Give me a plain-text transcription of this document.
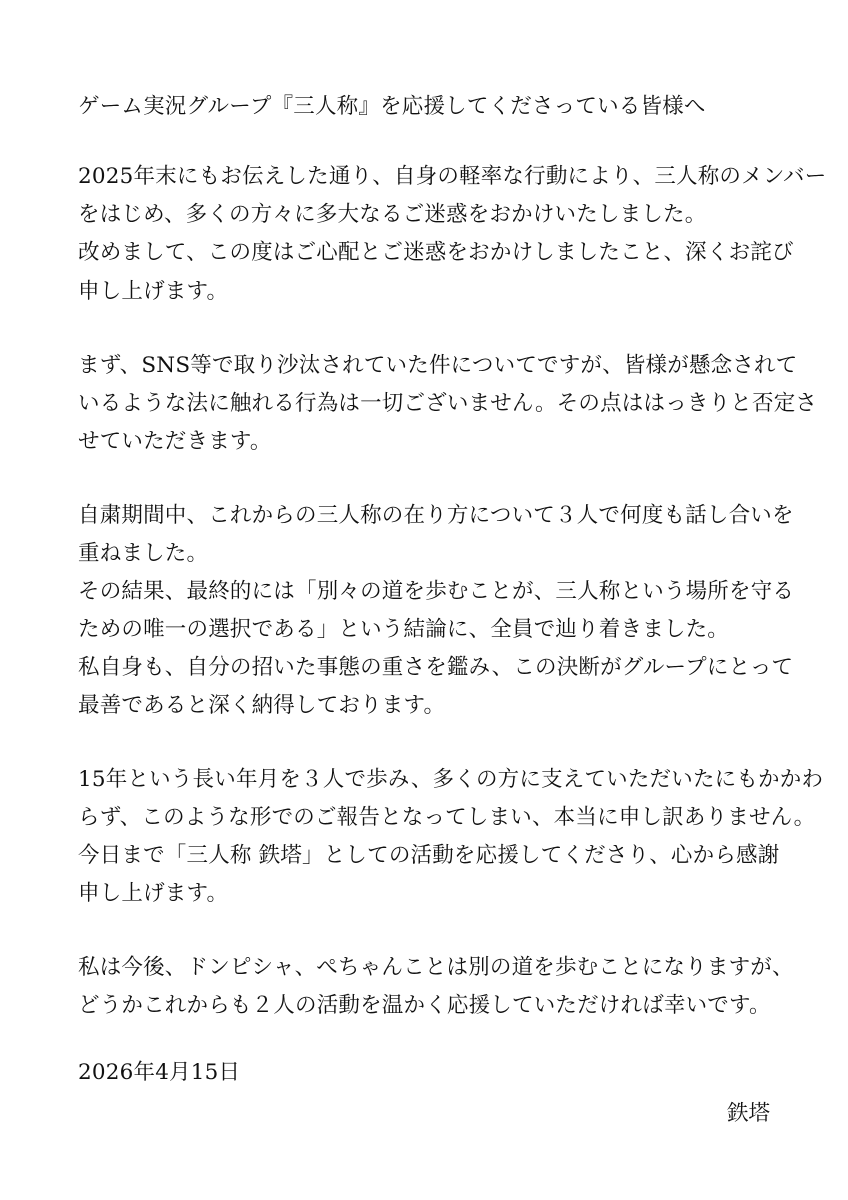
ゲーム実況グループ『三人称』を応援してくださっている皆様へ
2025年末にもお伝えした通り、自身の軽率な行動により、三人称のメンバー
をはじめ、多くの方々に多大なるご迷惑をおかけいたしました。
改めまして、この度はご心配とご迷惑をおかけしましたこと、深くお詫び
申し上げます。
まず、SNS等で取り沙汰されていた件についてですが、皆様が懸念されて
いるような法に触れる行為は一切ございません。その点ははっきりと否定さ
せていただきます。
自粛期間中、これからの三人称の在り方について３人で何度も話し合いを
重ねました。
その結果、最終的には「別々の道を歩むことが、三人称という場所を守る
ための唯一の選択である」という結論に、全員で辿り着きました。
私自身も、自分の招いた事態の重さを鑑み、この決断がグループにとって
最善であると深く納得しております。
15年という長い年月を３人で歩み、多くの方に支えていただいたにもかかわ
らず、このような形でのご報告となってしまい、本当に申し訳ありません。
今日まで「三人称 鉄塔」としての活動を応援してくださり、心から感謝
申し上げます。
私は今後、ドンピシャ、ぺちゃんことは別の道を歩むことになりますが、
どうかこれからも２人の活動を温かく応援していただければ幸いです。
2026年4月15日
鉄塔
